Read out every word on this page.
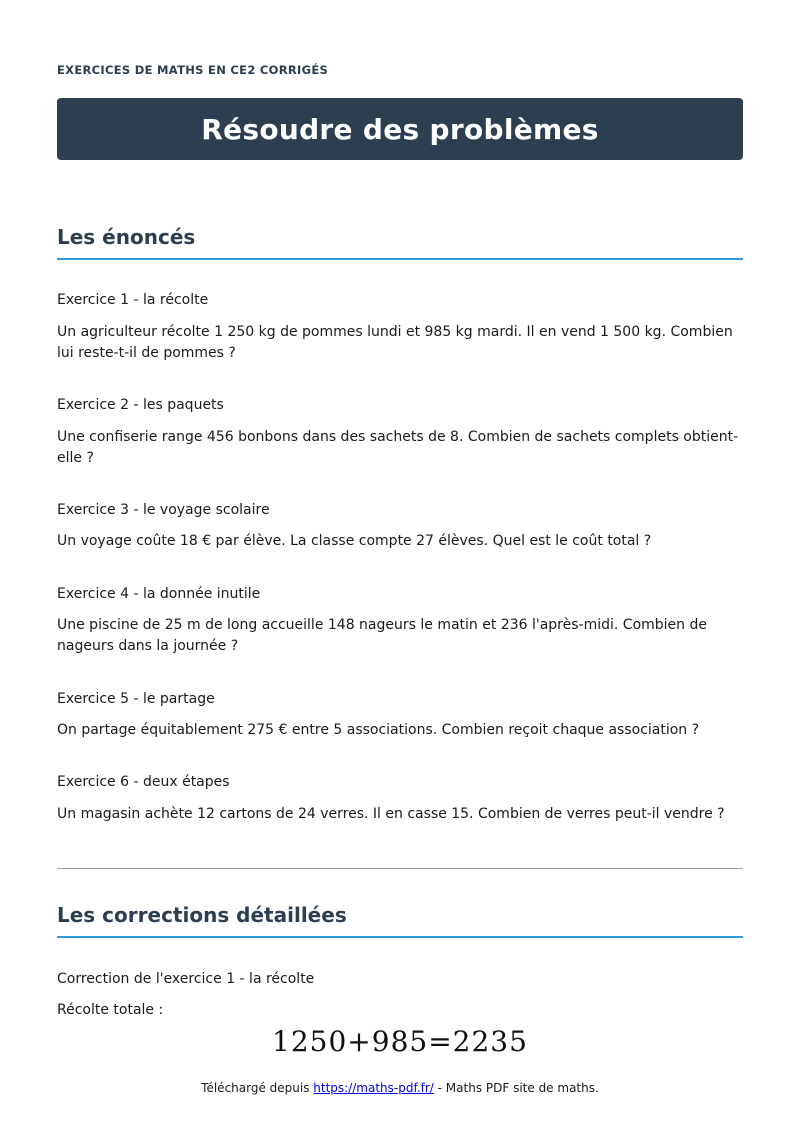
EXERCICES DE MATHS EN CE2 CORRIGÉS
Résoudre des problèmes
Les énoncés
Exercice 1 - la récolte
Un agriculteur récolte 1 250 kg de pommes lundi et 985 kg mardi. Il en vend 1 500 kg. Combien lui reste-t-il de pommes ?
Exercice 2 - les paquets
Une confiserie range 456 bonbons dans des sachets de 8. Combien de sachets complets obtient-elle ?
Exercice 3 - le voyage scolaire
Un voyage coûte 18 € par élève. La classe compte 27 élèves. Quel est le coût total ?
Exercice 4 - la donnée inutile
Une piscine de 25 m de long accueille 148 nageurs le matin et 236 l'après-midi. Combien de nageurs dans la journée ?
Exercice 5 - le partage
On partage équitablement 275 € entre 5 associations. Combien reçoit chaque association ?
Exercice 6 - deux étapes
Un magasin achète 12 cartons de 24 verres. Il en casse 15. Combien de verres peut-il vendre ?
Les corrections détaillées
Correction de l'exercice 1 - la récolte
Récolte totale :
1250+985=2235
Téléchargé depuis https://maths-pdf.fr/ - Maths PDF site de maths.
